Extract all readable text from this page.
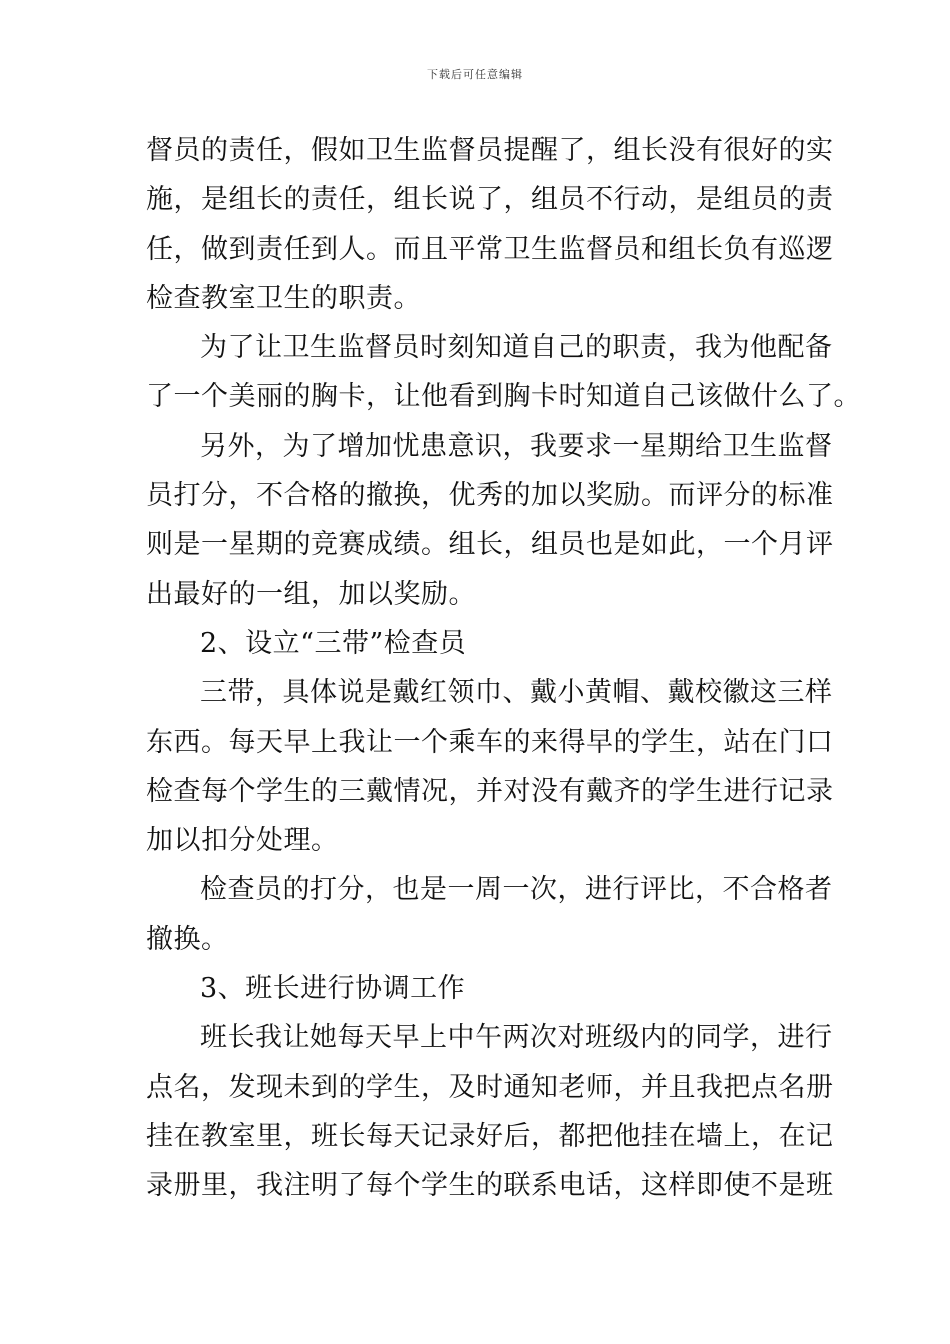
下载后可任意编辑
督员的责任，假如卫生监督员提醒了，组长没有很好的实
施，是组长的责任，组长说了，组员不行动，是组员的责
任，做到责任到人。而且平常卫生监督员和组长负有巡逻
检查教室卫生的职责。
为了让卫生监督员时刻知道自己的职责，我为他配备
了一个美丽的胸卡，让他看到胸卡时知道自己该做什么了。
另外，为了增加忧患意识，我要求一星期给卫生监督
员打分，不合格的撤换，优秀的加以奖励。而评分的标准
则是一星期的竞赛成绩。组长，组员也是如此，一个月评
出最好的一组，加以奖励。
2、设立“三带”检查员
三带，具体说是戴红领巾、戴小黄帽、戴校徽这三样
东西。每天早上我让一个乘车的来得早的学生，站在门口
检查每个学生的三戴情况，并对没有戴齐的学生进行记录
加以扣分处理。
检查员的打分，也是一周一次，进行评比，不合格者
撤换。
3、班长进行协调工作
班长我让她每天早上中午两次对班级内的同学，进行
点名，发现未到的学生，及时通知老师，并且我把点名册
挂在教室里，班长每天记录好后，都把他挂在墙上，在记
录册里，我注明了每个学生的联系电话，这样即使不是班
